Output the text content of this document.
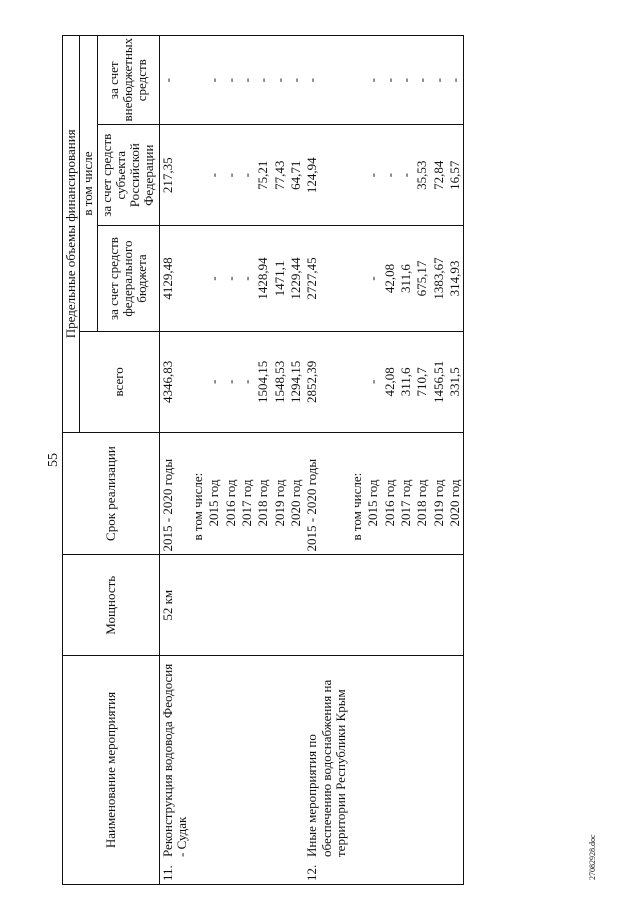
55
27082928.doc
Наименование мероприятия	Мощность	Срок реализации	Предельные объемы финансирования			
			всего	в том числе		
				за счет средств федерального бюджета	за счет средств субъекта Российской Федерации	за счет внебюджетных средств

11.
Реконструкция водовода Феодосия - Судак	52 км	2015 - 2020 годы	4346,83	4129,48	217,35	-

		в том числе:				

		2015 год	-	-	-	-

		2016 год	-	-	-	-

		2017 год	-	-	-	-

		2018 год	1504,15	1428,94	75,21	-

		2019 год	1548,53	1471,1	77,43	-

		2020 год	1294,15	1229,44	64,71	-

12.
Иные мероприятия по обеспечению водоснабжения на территории Республики Крым		2015 - 2020 годы	2852,39	2727,45	124,94	-

		в том числе:				

		2015 год	-	-	-	-

		2016 год	42,08	42,08	-	-

		2017 год	311,6	311,6	-	-

		2018 год	710,7	675,17	35,53	-

		2019 год	1456,51	1383,67	72,84	-

		2020 год	331,5	314,93	16,57	-
